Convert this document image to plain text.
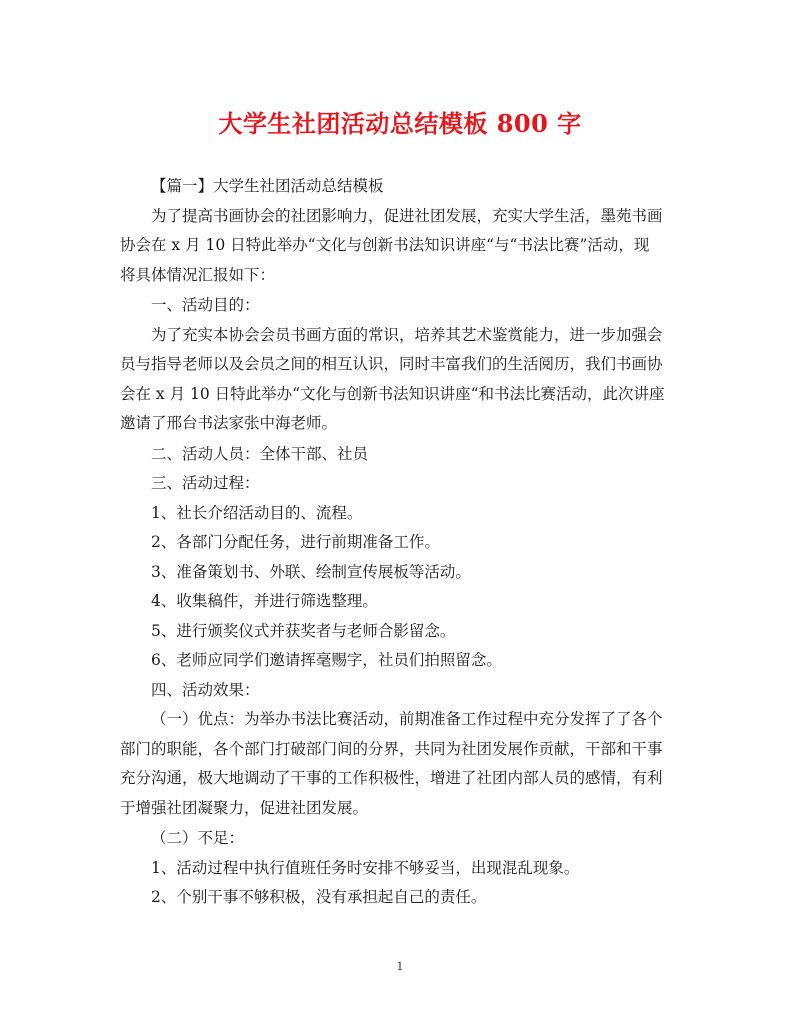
大学生社团活动总结模板 800 字
【篇一】大学生社团活动总结模板
为了提高书画协会的社团影响力，促进社团发展，充实大学生活，墨苑书画
协会在 x 月 10 日特此举办“文化与创新书法知识讲座“与“书法比赛”活动，现
将具体情况汇报如下：
一、活动目的：
为了充实本协会会员书画方面的常识，培养其艺术鉴赏能力，进一步加强会
员与指导老师以及会员之间的相互认识，同时丰富我们的生活阅历，我们书画协
会在 x 月 10 日特此举办“文化与创新书法知识讲座“和书法比赛活动，此次讲座
邀请了邢台书法家张中海老师。
二、活动人员：全体干部、社员
三、活动过程：
1、社长介绍活动目的、流程。
2、各部门分配任务，进行前期准备工作。
3、准备策划书、外联、绘制宣传展板等活动。
4、收集稿件，并进行筛选整理。
5、进行颁奖仪式并获奖者与老师合影留念。
6、老师应同学们邀请挥毫赐字，社员们拍照留念。
四、活动效果：
（一）优点：为举办书法比赛活动，前期准备工作过程中充分发挥了了各个
部门的职能，各个部门打破部门间的分界，共同为社团发展作贡献，干部和干事
充分沟通，极大地调动了干事的工作积极性，增进了社团内部人员的感情，有利
于增强社团凝聚力，促进社团发展。
（二）不足：
1、活动过程中执行值班任务时安排不够妥当，出现混乱现象。
2、个别干事不够积极，没有承担起自己的责任。
1
